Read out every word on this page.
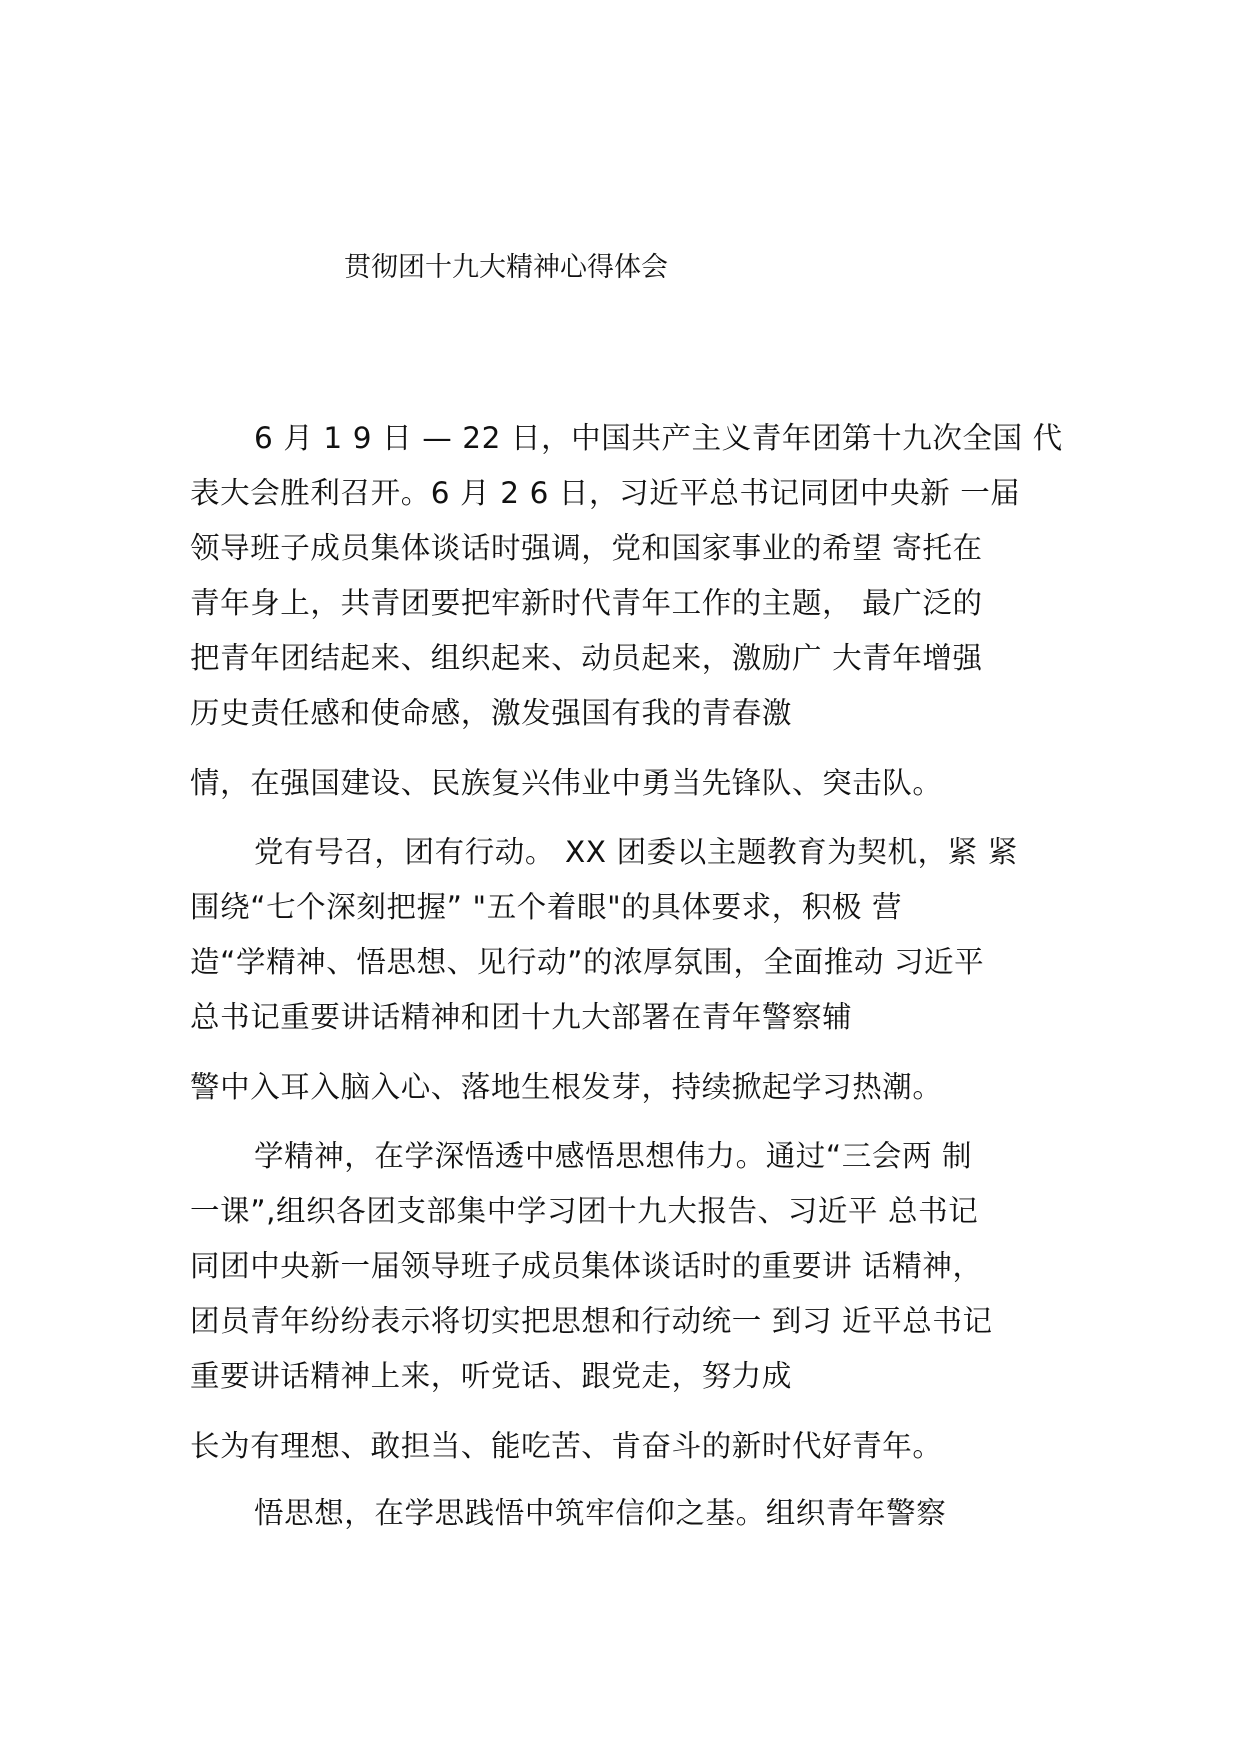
贯彻团十九大精神心得体会
6 月 1 9 日 — 22 日，中国共产主义青年团第十九次全国 代
表大会胜利召开。6 月 2 6 日，习近平总书记同团中央新 一届
领导班子成员集体谈话时强调，党和国家事业的希望 寄托在
青年身上，共青团要把牢新时代青年工作的主题， 最广泛的
把青年团结起来、组织起来、动员起来，激励广 大青年增强
历史责任感和使命感，激发强国有我的青春激
情，在强国建设、民族复兴伟业中勇当先锋队、突击队。
党有号召，团有行动。 XX 团委以主题教育为契机，紧 紧
围绕“七个深刻把握” "五个着眼"的具体要求，积极 营
造“学精神、悟思想、见行动”的浓厚氛围，全面推动 习近平
总书记重要讲话精神和团十九大部署在青年警察辅
警中入耳入脑入心、落地生根发芽，持续掀起学习热潮。
学精神，在学深悟透中感悟思想伟力。通过“三会两 制
一课”,组织各团支部集中学习团十九大报告、习近平 总书记
同团中央新一届领导班子成员集体谈话时的重要讲 话精神，
团员青年纷纷表示将切实把思想和行动统一 到习 近平总书记
重要讲话精神上来，听党话、跟党走，努力成
长为有理想、敢担当、能吃苦、肯奋斗的新时代好青年。
悟思想，在学思践悟中筑牢信仰之基。组织青年警察
